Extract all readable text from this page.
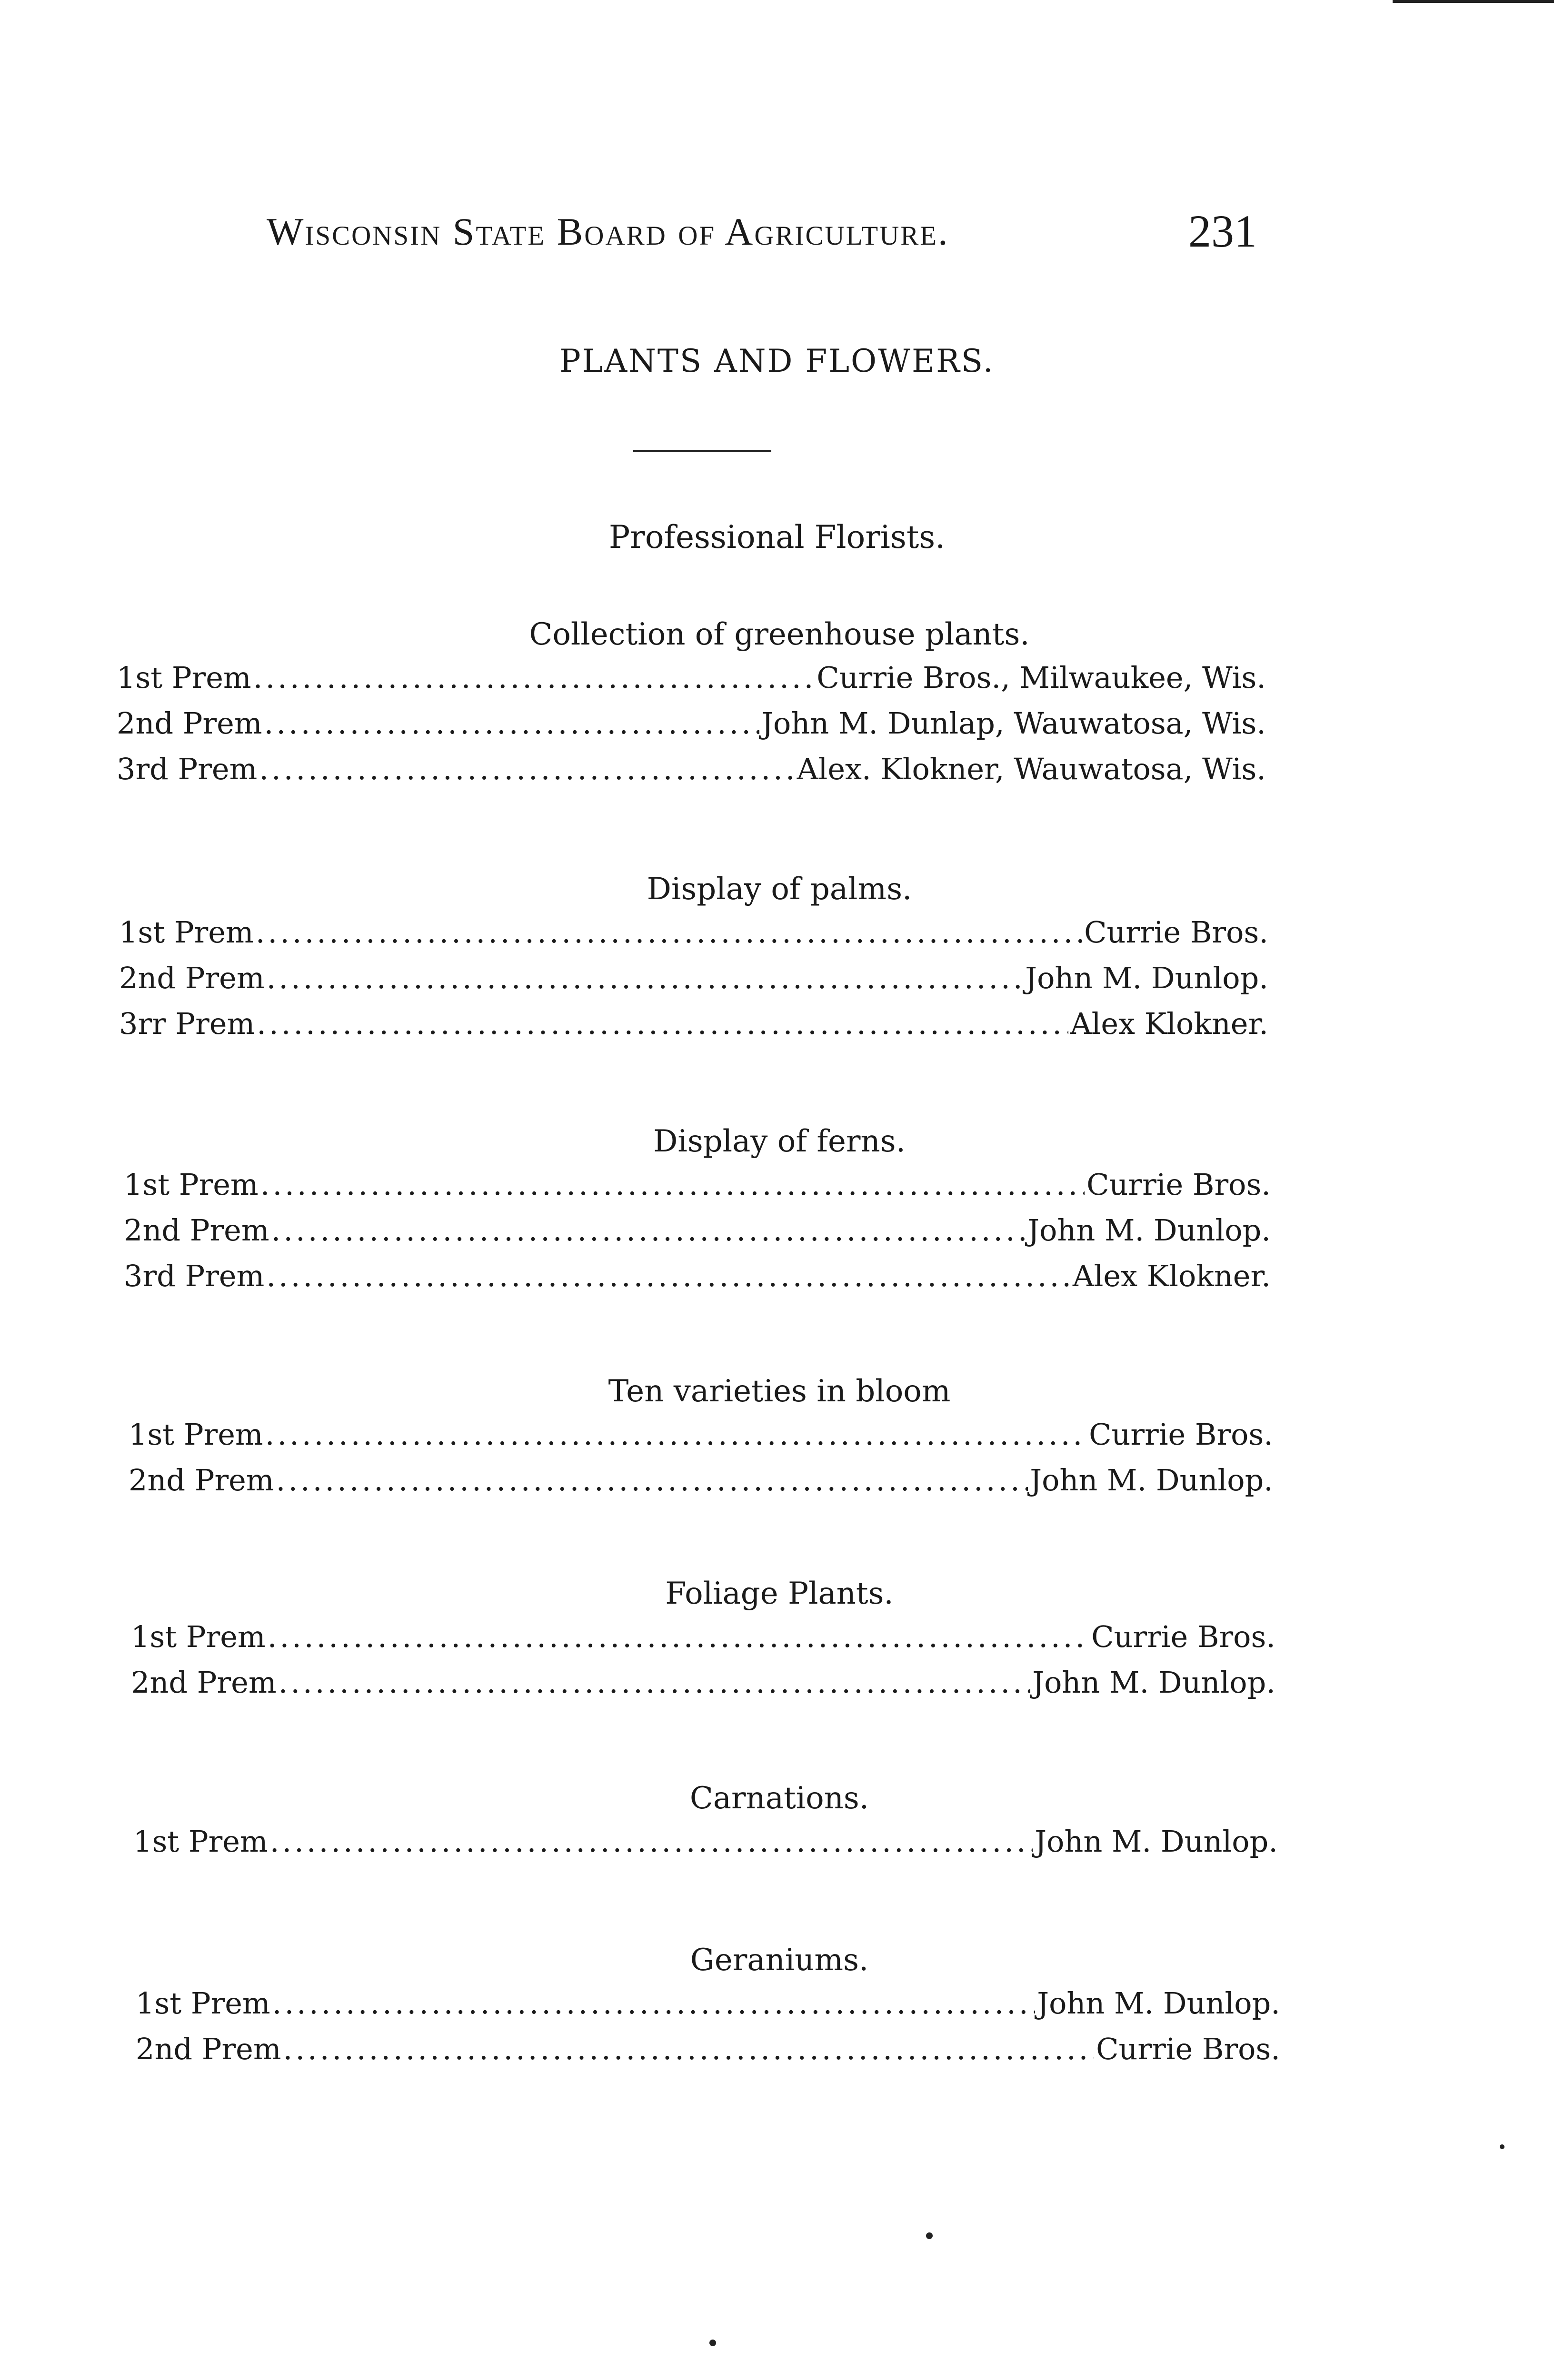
Wisconsin State Board of Agriculture.	231
PLANTS AND FLOWERS.
Professional Florists.
Collection of greenhouse plants.
1st Prem .....	Currie Bros., Milwaukee, Wis.
2nd Prem .....	John M. Dunlap, Wauwatosa, Wis.
3rd Prem .....	Alex. Klokner, Wauwatosa, Wis.
Display of palms.
1st Prem .....	Currie Bros.
2nd Prem .....	John M. Dunlop.
3rr Prem .....	Alex Klokner.
Display of ferns.
1st Prem .....	Currie Bros.
2nd Prem .....	John M. Dunlop.
3rd Prem .....	Alex Klokner.
Ten varieties in bloom
1st Prem .....	Currie Bros.
2nd Prem .....	John M. Dunlop.
Foliage Plants.
1st Prem .....	Currie Bros.
2nd Prem .....	John M. Dunlop.
Carnations.
1st Prem .....	John M. Dunlop.
Geraniums.
1st Prem .....	John M. Dunlop.
2nd Prem .....	Currie Bros.
